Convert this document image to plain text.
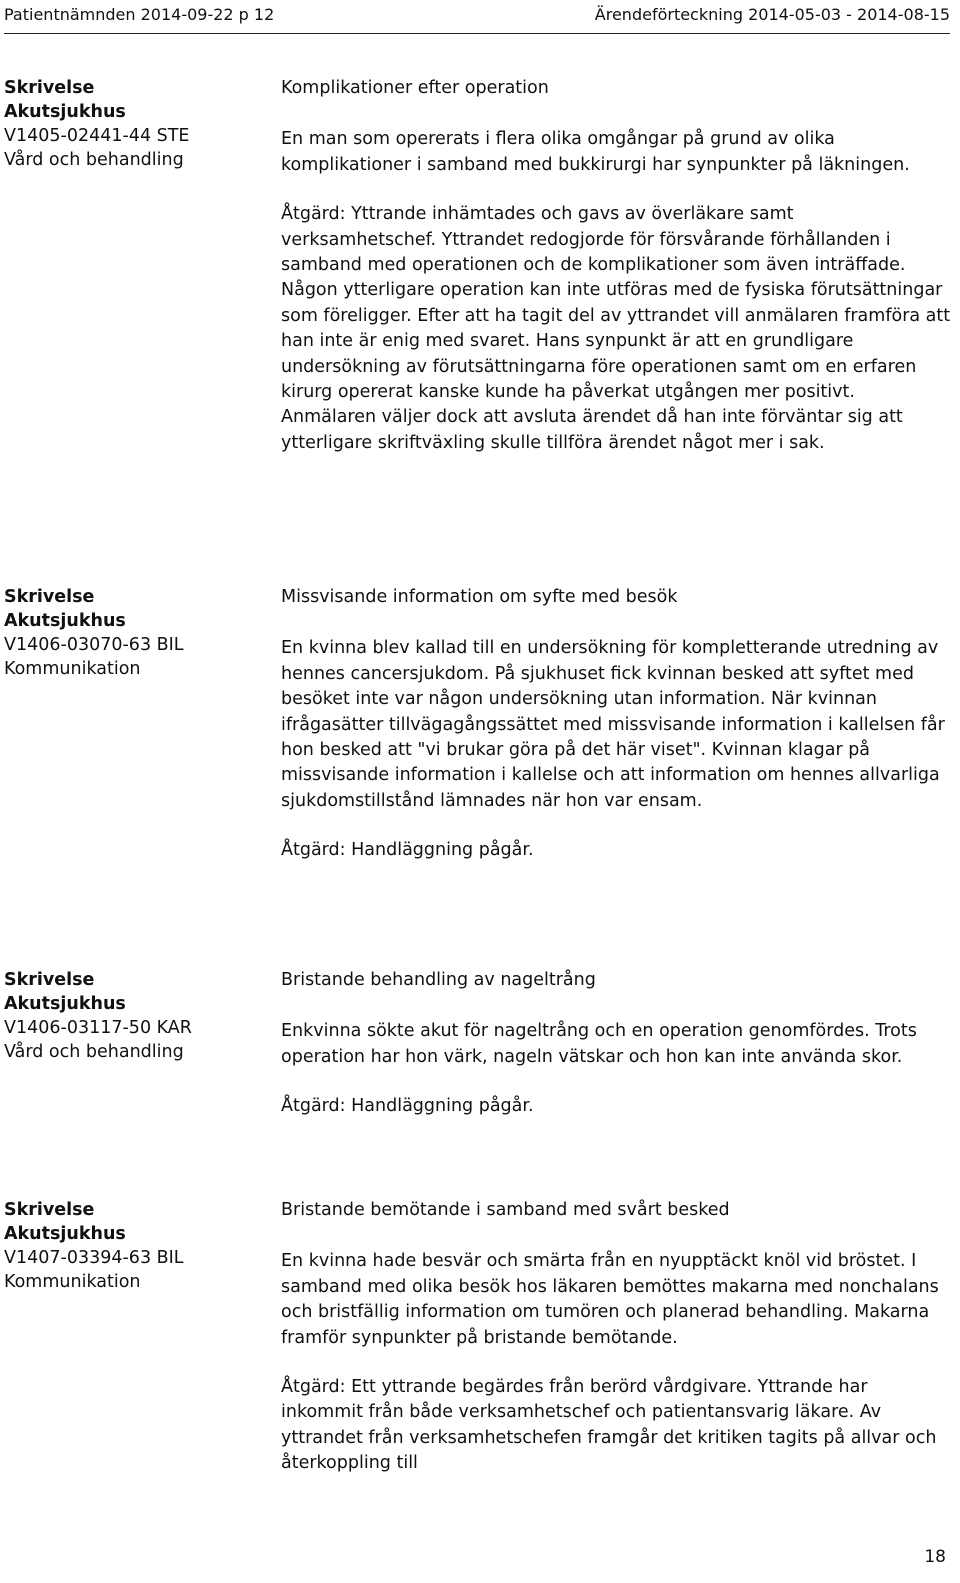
Patientnämnden 2014-09-22 p 12	Ärendeförteckning 2014-05-03 - 2014-08-15
Skrivelse
Akutsjukhus
V1405-02441-44 STE
Vård och behandling

Komplikationer efter operation

En man som opererats i flera olika omgångar på grund av olika komplikationer i samband med bukkirurgi har synpunkter på läkningen.

Åtgärd: Yttrande inhämtades och gavs av överläkare samt verksamhetschef. Yttrandet redogjorde för försvårande förhållanden i samband med operationen och de komplikationer som även inträffade. Någon ytterligare operation kan inte utföras med de fysiska förutsättningar som föreligger. Efter att ha tagit del av yttrandet vill anmälaren framföra att han inte är enig med svaret. Hans synpunkt är att en grundligare undersökning av förutsättningarna före operationen samt om en erfaren kirurg opererat kanske kunde ha påverkat utgången mer positivt. Anmälaren väljer dock att avsluta ärendet då han inte förväntar sig att ytterligare skriftväxling skulle tillföra ärendet något mer i sak.

Skrivelse
Akutsjukhus
V1406-03070-63 BIL
Kommunikation

Missvisande information om syfte med besök

En kvinna blev kallad till en undersökning för kompletterande utredning av hennes cancersjukdom. På sjukhuset fick kvinnan besked att syftet med besöket inte var någon undersökning utan information. När kvinnan ifrågasätter tillvägagångssättet med missvisande information i kallelsen får hon besked att "vi brukar göra på det här viset". Kvinnan klagar på missvisande information i kallelse och att information om hennes allvarliga sjukdomstillstånd lämnades när hon var ensam.

Åtgärd: Handläggning pågår.

Skrivelse
Akutsjukhus
V1406-03117-50 KAR
Vård och behandling

Bristande behandling av nageltrång

Enkvinna sökte akut för nageltrång och en operation genomfördes. Trots operation har hon värk, nageln vätskar och hon kan inte använda skor.

Åtgärd: Handläggning pågår.

Skrivelse
Akutsjukhus
V1407-03394-63 BIL
Kommunikation

Bristande bemötande i samband med svårt besked

En kvinna hade besvär och smärta från en nyupptäckt knöl vid bröstet. I samband med olika besök hos läkaren bemöttes makarna med nonchalans och bristfällig information om tumören och planerad behandling. Makarna framför synpunkter på bristande bemötande.

Åtgärd: Ett yttrande begärdes från berörd vårdgivare. Yttrande har inkommit från både verksamhetschef och patientansvarig läkare. Av yttrandet från verksamhetschefen framgår det kritiken tagits på allvar och återkoppling till

18
